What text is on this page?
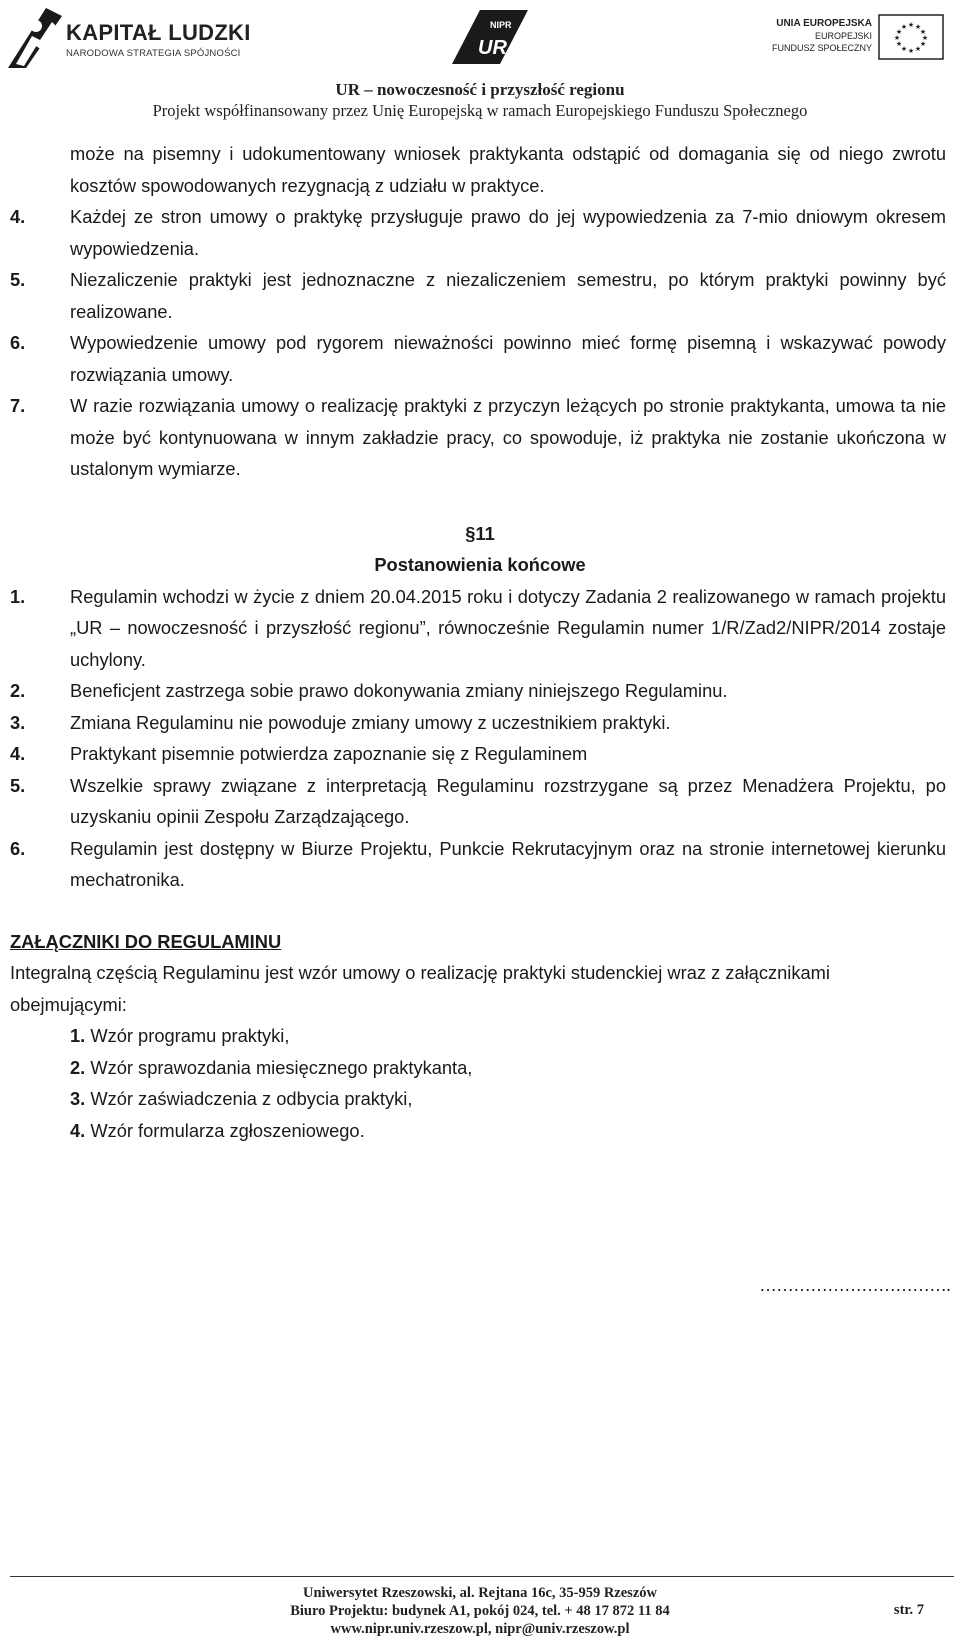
KAPITAŁ LUDZKI
NARODOWA STRATEGIA SPÓJNOŚCI
NIPR
UR
UNIA EUROPEJSKA
EUROPEJSKI
FUNDUSZ SPOŁECZNY
★ ★
★
★
★
★
★
★
★
★
★
★
UR – nowoczesność i przyszłość regionu
Projekt współfinansowany przez Unię Europejską w ramach Europejskiego Funduszu Społecznego
może na pisemny i udokumentowany wniosek praktykanta odstąpić od domagania się od niego zwrotu kosztów spowodowanych rezygnacją z udziału w praktyce.
4. Każdej ze stron umowy o praktykę przysługuje prawo do jej wypowiedzenia za 7-mio dniowym okresem wypowiedzenia.
5. Niezaliczenie praktyki jest jednoznaczne z niezaliczeniem semestru, po którym praktyki powinny być realizowane.
6. Wypowiedzenie umowy pod rygorem nieważności powinno mieć formę pisemną i wskazywać powody rozwiązania umowy.
7. W razie rozwiązania umowy o realizację praktyki z przyczyn leżących po stronie praktykanta, umowa ta nie może być kontynuowana w innym zakładzie pracy, co spowoduje, iż praktyka nie zostanie ukończona w ustalonym wymiarze.
§11
Postanowienia końcowe
1. Regulamin wchodzi w życie z dniem 20.04.2015 roku i dotyczy Zadania 2 realizowanego w ramach projektu „UR – nowoczesność i przyszłość regionu”, równocześnie Regulamin numer 1/R/Zad2/NIPR/2014 zostaje uchylony.
2. Beneficjent zastrzega sobie prawo dokonywania zmiany niniejszego Regulaminu.
3. Zmiana Regulaminu nie powoduje zmiany umowy z uczestnikiem praktyki.
4. Praktykant pisemnie potwierdza zapoznanie się z Regulaminem
5. Wszelkie sprawy związane z interpretacją Regulaminu rozstrzygane są przez Menadżera Projektu, po uzyskaniu opinii Zespołu Zarządzającego.
6. Regulamin jest dostępny w Biurze Projektu, Punkcie Rekrutacyjnym oraz na stronie internetowej kierunku mechatronika.
ZAŁĄCZNIKI DO REGULAMINU
Integralną częścią Regulaminu jest wzór umowy o realizację praktyki studenckiej wraz z załącznikami obejmującymi:
1. Wzór programu praktyki,
2. Wzór sprawozdania miesięcznego praktykanta,
3. Wzór zaświadczenia z odbycia praktyki,
4. Wzór formularza zgłoszeniowego.
…………………………….
Uniwersytet Rzeszowski, al. Rejtana 16c, 35-959 Rzeszów
Biuro Projektu: budynek A1, pokój 024, tel. + 48 17 872 11 84
www.nipr.univ.rzeszow.pl, nipr@univ.rzeszow.pl
str. 7
